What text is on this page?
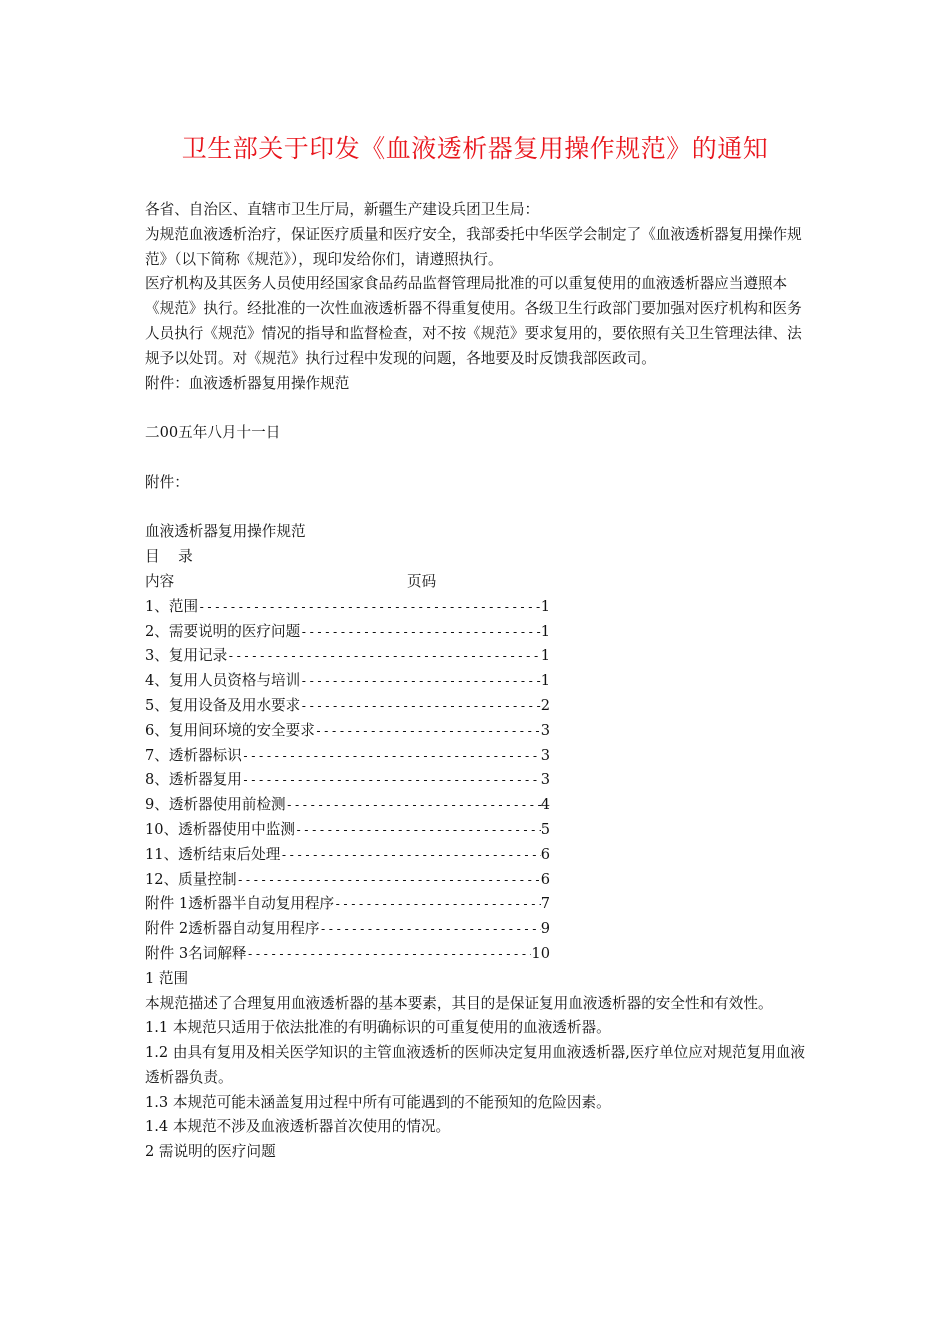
卫生部关于印发《血液透析器复用操作规范》的通知

各省、自治区、直辖市卫生厅局，新疆生产建设兵团卫生局：

为规范血液透析治疗，保证医疗质量和医疗安全，我部委托中华医学会制定了《血液透析器复用操作规范》（以下简称《规范》），现印发给你们，请遵照执行。

医疗机构及其医务人员使用经国家食品药品监督管理局批准的可以重复使用的血液透析器应当遵照本《规范》执行。经批准的一次性血液透析器不得重复使用。各级卫生行政部门要加强对医疗机构和医务人员执行《规范》情况的指导和监督检查，对不按《规范》要求复用的，要依照有关卫生管理法律、法规予以处罚。对《规范》执行过程中发现的问题，各地要及时反馈我部医政司。

附件：血液透析器复用操作规范

二00五年八月十一日

附件：

血液透析器复用操作规范

目    录

内容	页码
1、 范围 -----	1
2、 需要说明的医疗问题 -----	1
3、 复用记录 -----	1
4、 复用人员资格与培训 -----	1
5、 复用设备及用水要求 -----	2
6、 复用间环境的安全要求 -----	3
7、 透析器标识 -----	3
8、 透析器复用 -----	3
9、 透析器使用前检测 -----	4
10、 透析器使用中监测 -----	5
11、 透析结束后处理 -----	6
12、 质量控制 -----	6
附件 1 透析器半自动复用程序 -----	7
附件 2 透析器自动复用程序 -----	9
附件 3 名词解释 -----	10

1 范围

本规范描述了合理复用血液透析器的基本要素，其目的是保证复用血液透析器的安全性和有效性。

1.1 本规范只适用于依法批准的有明确标识的可重复使用的血液透析器。

1.2 由具有复用及相关医学知识的主管血液透析的医师决定复用血液透析器,医疗单位应对规范复用血液透析器负责。

1.3 本规范可能未涵盖复用过程中所有可能遇到的不能预知的危险因素。

1.4 本规范不涉及血液透析器首次使用的情况。

2 需说明的医疗问题
